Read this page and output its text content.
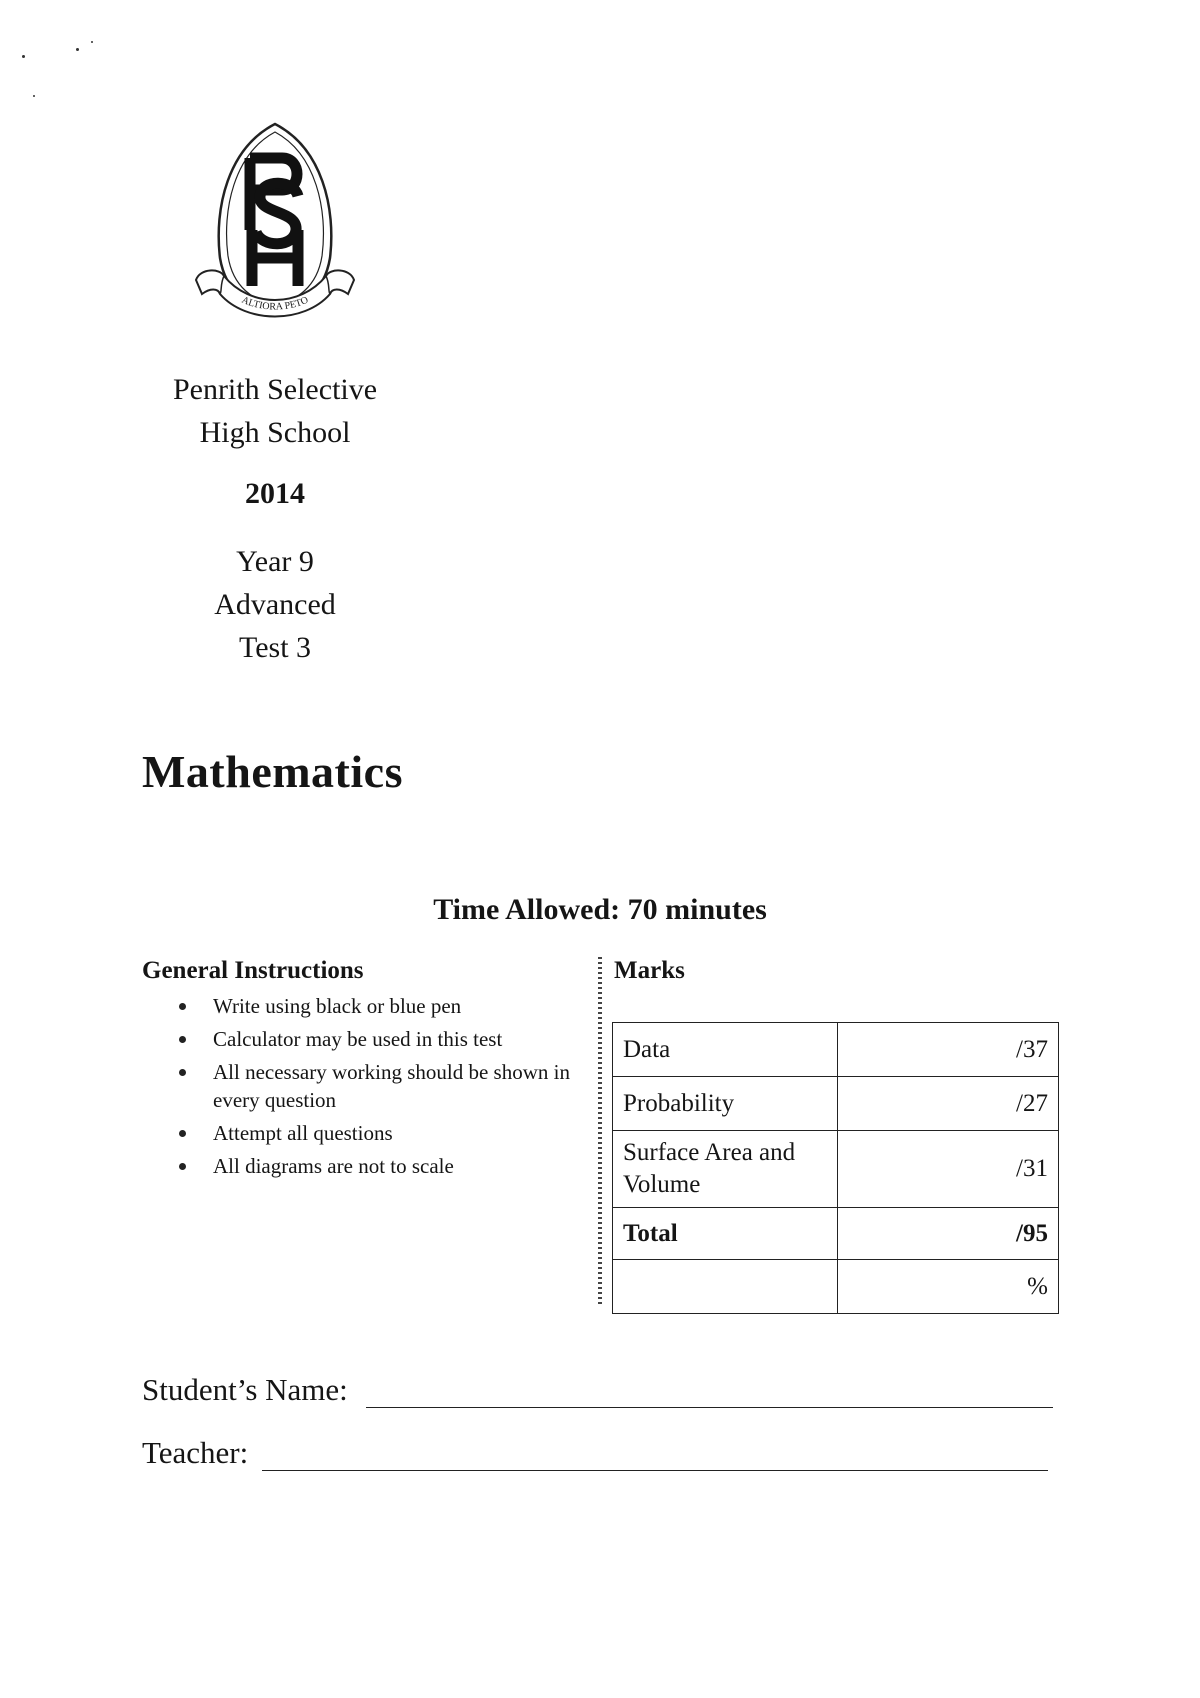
ALTIORA PETO
Penrith Selective
High School
2014
Year 9
Advanced
Test 3
Mathematics
Time Allowed: 70 minutes
General Instructions
Write using black or blue pen
Calculator may be used in this test
All necessary working should be shown in every question
Attempt all questions
All diagrams are not to scale
Marks
Data	/37
Probability	/27
Surface Area and Volume	/31
Total	/95
	%
Student’s Name:
Teacher:
